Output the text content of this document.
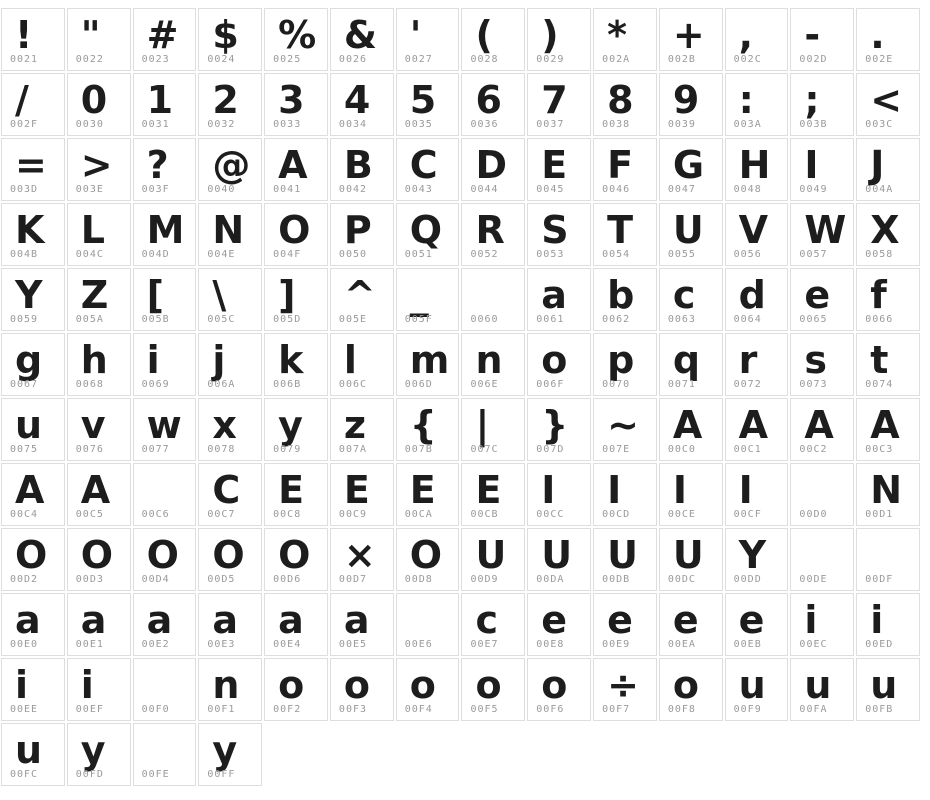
!
0021
"
0022
#
0023
$
0024
%
0025
&
0026
'
0027
(
0028
)
0029
*
002A
+
002B
,
002C
-
002D
.
002E
/
002F
0
0030
1
0031
2
0032
3
0033
4
0034
5
0035
6
0036
7
0037
8
0038
9
0039
:
003A
;
003B
<
003C
=
003D
>
003E
?
003F
@
0040
A
0041
B
0042
C
0043
D
0044
E
0045
F
0046
G
0047
H
0048
I
0049
J
004A
K
004B
L
004C
M
004D
N
004E
O
004F
P
0050
Q
0051
R
0052
S
0053
T
0054
U
0055
V
0056
W
0057
X
0058
Y
0059
Z
005A
[
005B
\
005C
]
005D
^
005E
_
005F	0060
a
0061
b
0062
c
0063
d
0064
e
0065
f
0066
g
0067
h
0068
i
0069
j
006A
k
006B
l
006C
m
006D
n
006E
o
006F
p
0070
q
0071
r
0072
s
0073
t
0074
u
0075
v
0076
w
0077
x
0078
y
0079
z
007A
{
007B
|
007C
}
007D
~
007E
A
00C0
A
00C1
A
00C2
A
00C3
A
00C4
A
00C5	00C6
C
00C7
E
00C8
E
00C9
E
00CA
E
00CB
I
00CC
I
00CD
I
00CE
I
00CF	00D0
N
00D1
O
00D2
O
00D3
O
00D4
O
00D5
O
00D6
×
00D7
O
00D8
U
00D9
U
00DA
U
00DB
U
00DC
Y
00DD	00DE	00DF
a
00E0
a
00E1
a
00E2
a
00E3
a
00E4
a
00E5	00E6
c
00E7
e
00E8
e
00E9
e
00EA
e
00EB
i
00EC
i
00ED
i
00EE
i
00EF	00F0
n
00F1
o
00F2
o
00F3
o
00F4
o
00F5
o
00F6
÷
00F7
o
00F8
u
00F9
u
00FA
u
00FB
u
00FC
y
00FD	00FE
y
00FF
